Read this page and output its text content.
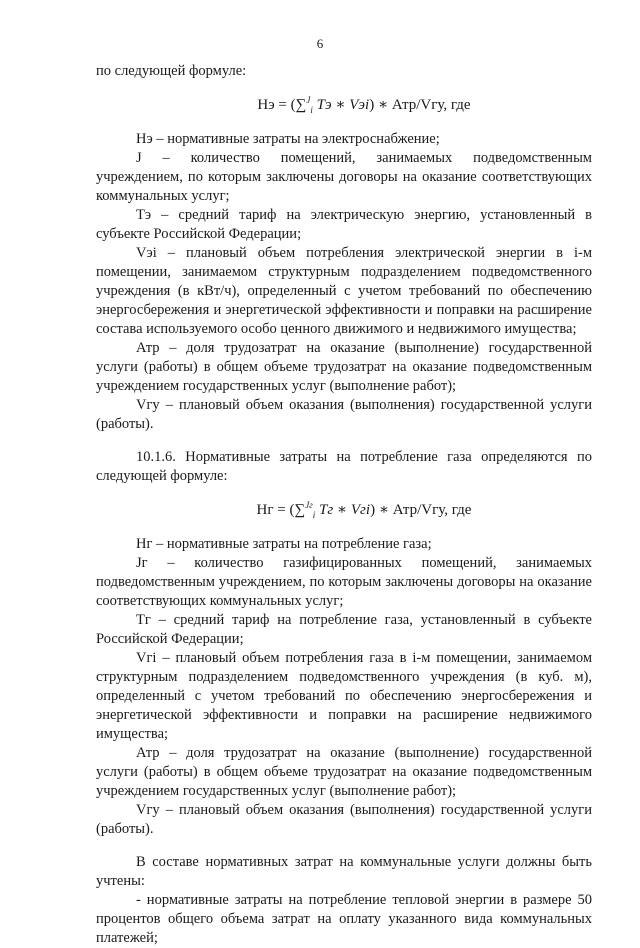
6

по следующей формуле:

Нэ = (∑$^J_i$ Тэ ∗ Vэi) ∗ Атр/Vгу, где

Нэ – нормативные затраты на электроснабжение;

J – количество помещений, занимаемых подведомственным учреждением, по которым заключены договоры на оказание соответствующих коммунальных услуг;

Тэ – средний тариф на электрическую энергию, установленный в субъекте Российской Федерации;

Vэi – плановый объем потребления электрической энергии в i-м помещении, занимаемом структурным подразделением подведомственного учреждения (в кВт/ч), определенный с учетом требований по обеспечению энергосбережения и энергетической эффективности и поправки на расширение состава используемого особо ценного движимого и недвижимого имущества;

Атр – доля трудозатрат на оказание (выполнение) государственной услуги (работы) в общем объеме трудозатрат на оказание подведомственным учреждением государственных услуг (выполнение работ);

Vгу – плановый объем оказания (выполнения) государственной услуги (работы).

10.1.6. Нормативные затраты на потребление газа определяются по следующей формуле:

Нг = (∑$^{Jг}_i$ Тг ∗ Vгi) ∗ Атр/Vгу, где

Нг – нормативные затраты на потребление газа;

Jг – количество газифицированных помещений, занимаемых подведомственным учреждением, по которым заключены договоры на оказание соответствующих коммунальных услуг;

Тг – средний тариф на потребление газа, установленный в субъекте Российской Федерации;

Vгi – плановый объем потребления газа в i-м помещении, занимаемом структурным подразделением подведомственного учреждения (в куб. м), определенный с учетом требований по обеспечению энергосбережения и энергетической эффективности и поправки на расширение недвижимого имущества;

Атр – доля трудозатрат на оказание (выполнение) государственной услуги (работы) в общем объеме трудозатрат на оказание подведомственным учреждением государственных услуг (выполнение работ);

Vгу – плановый объем оказания (выполнения) государственной услуги (работы).

В составе нормативных затрат на коммунальные услуги должны быть учтены:

- нормативные затраты на потребление тепловой энергии в размере 50 процентов общего объема затрат на оплату указанного вида коммунальных платежей;
